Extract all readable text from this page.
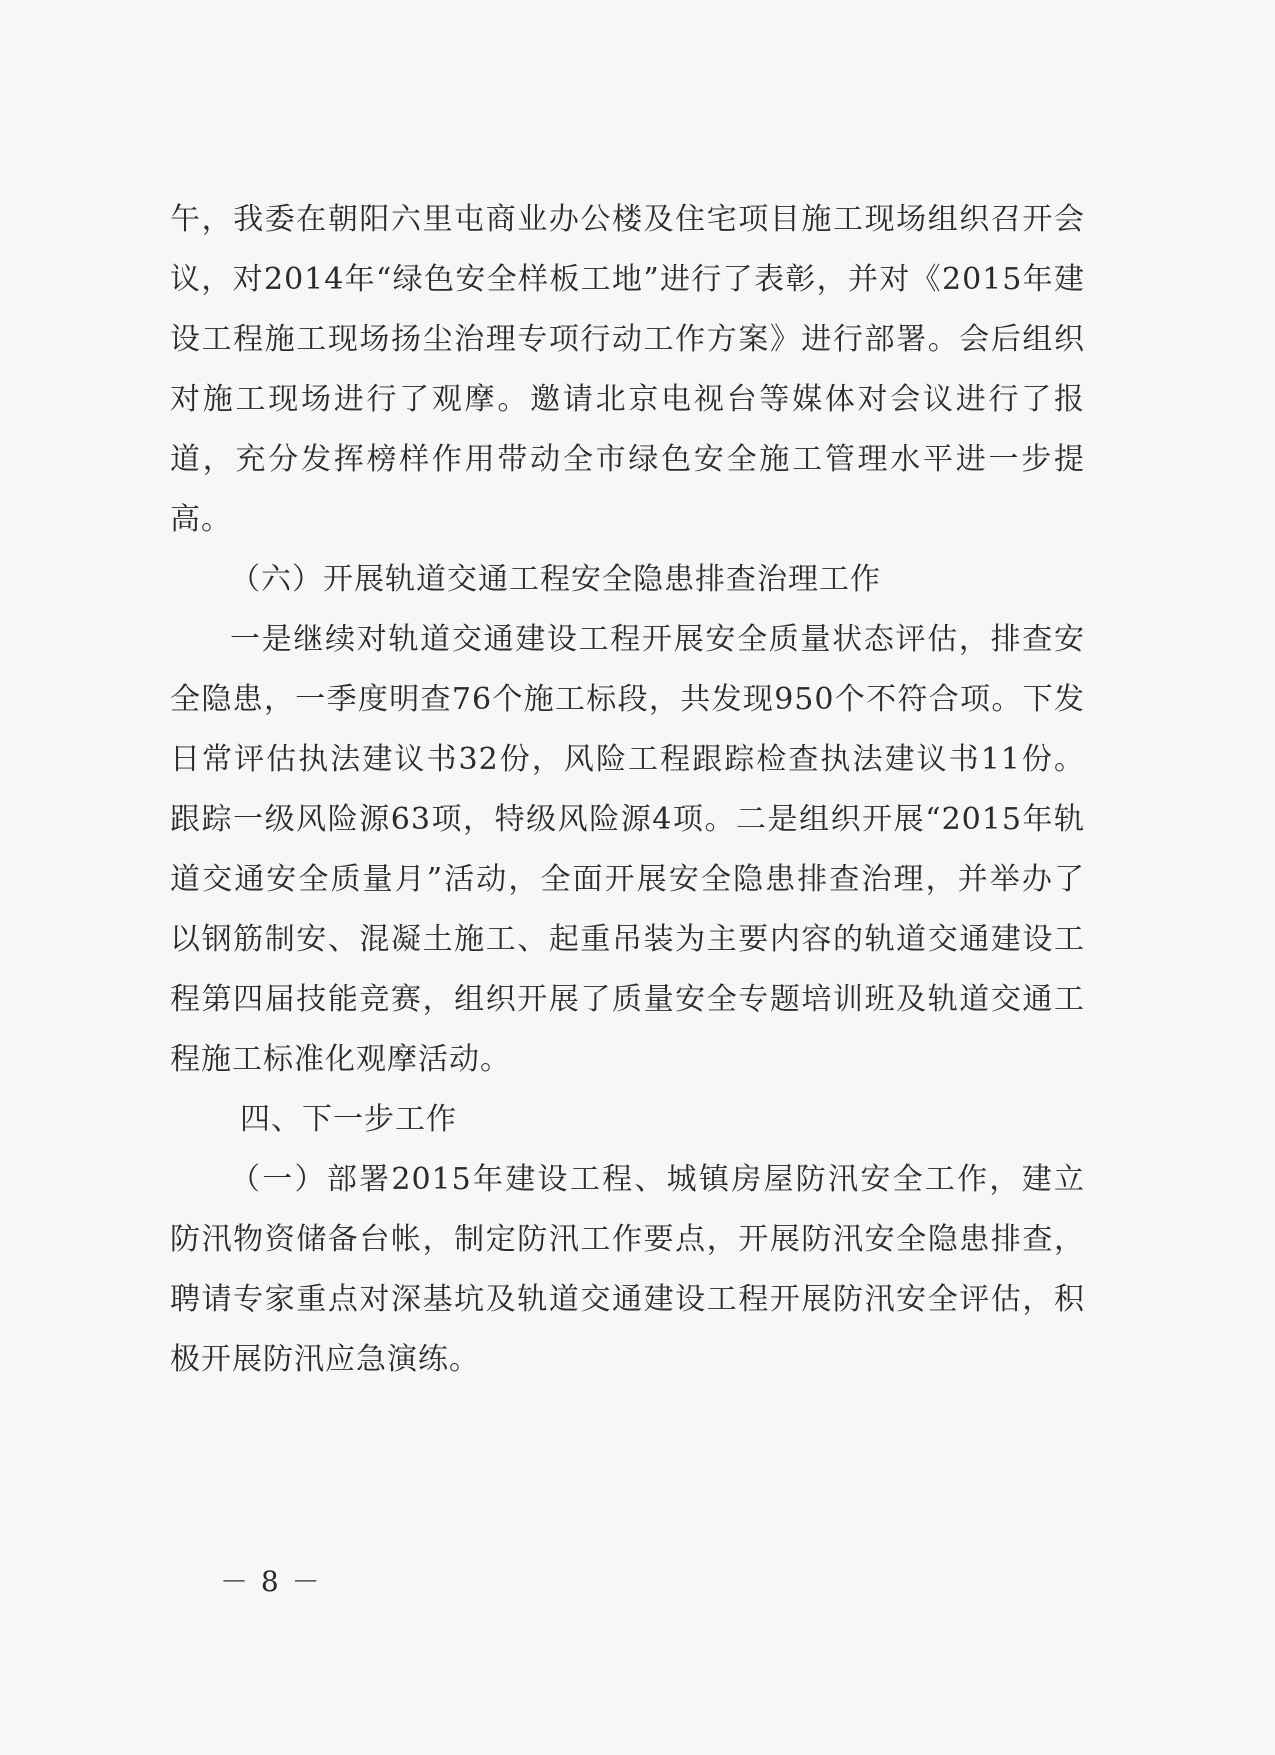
午，我委在朝阳六里屯商业办公楼及住宅项目施工现场组织召开会议，对2014年“绿色安全样板工地”进行了表彰，并对《2015年建设工程施工现场扬尘治理专项行动工作方案》进行部署。会后组织对施工现场进行了观摩。邀请北京电视台等媒体对会议进行了报道，充分发挥榜样作用带动全市绿色安全施工管理水平进一步提高。

（六）开展轨道交通工程安全隐患排查治理工作

一是继续对轨道交通建设工程开展安全质量状态评估，排查安全隐患，一季度明查76个施工标段，共发现950个不符合项。下发日常评估执法建议书32份，风险工程跟踪检查执法建议书11份。跟踪一级风险源63项，特级风险源4项。二是组织开展“2015年轨道交通安全质量月”活动，全面开展安全隐患排查治理，并举办了以钢筋制安、混凝土施工、起重吊装为主要内容的轨道交通建设工程第四届技能竞赛，组织开展了质量安全专题培训班及轨道交通工程施工标准化观摩活动。

四、下一步工作

（一）部署2015年建设工程、城镇房屋防汛安全工作，建立防汛物资储备台帐，制定防汛工作要点，开展防汛安全隐患排查，聘请专家重点对深基坑及轨道交通建设工程开展防汛安全评估，积极开展防汛应急演练。

－ 8 －
